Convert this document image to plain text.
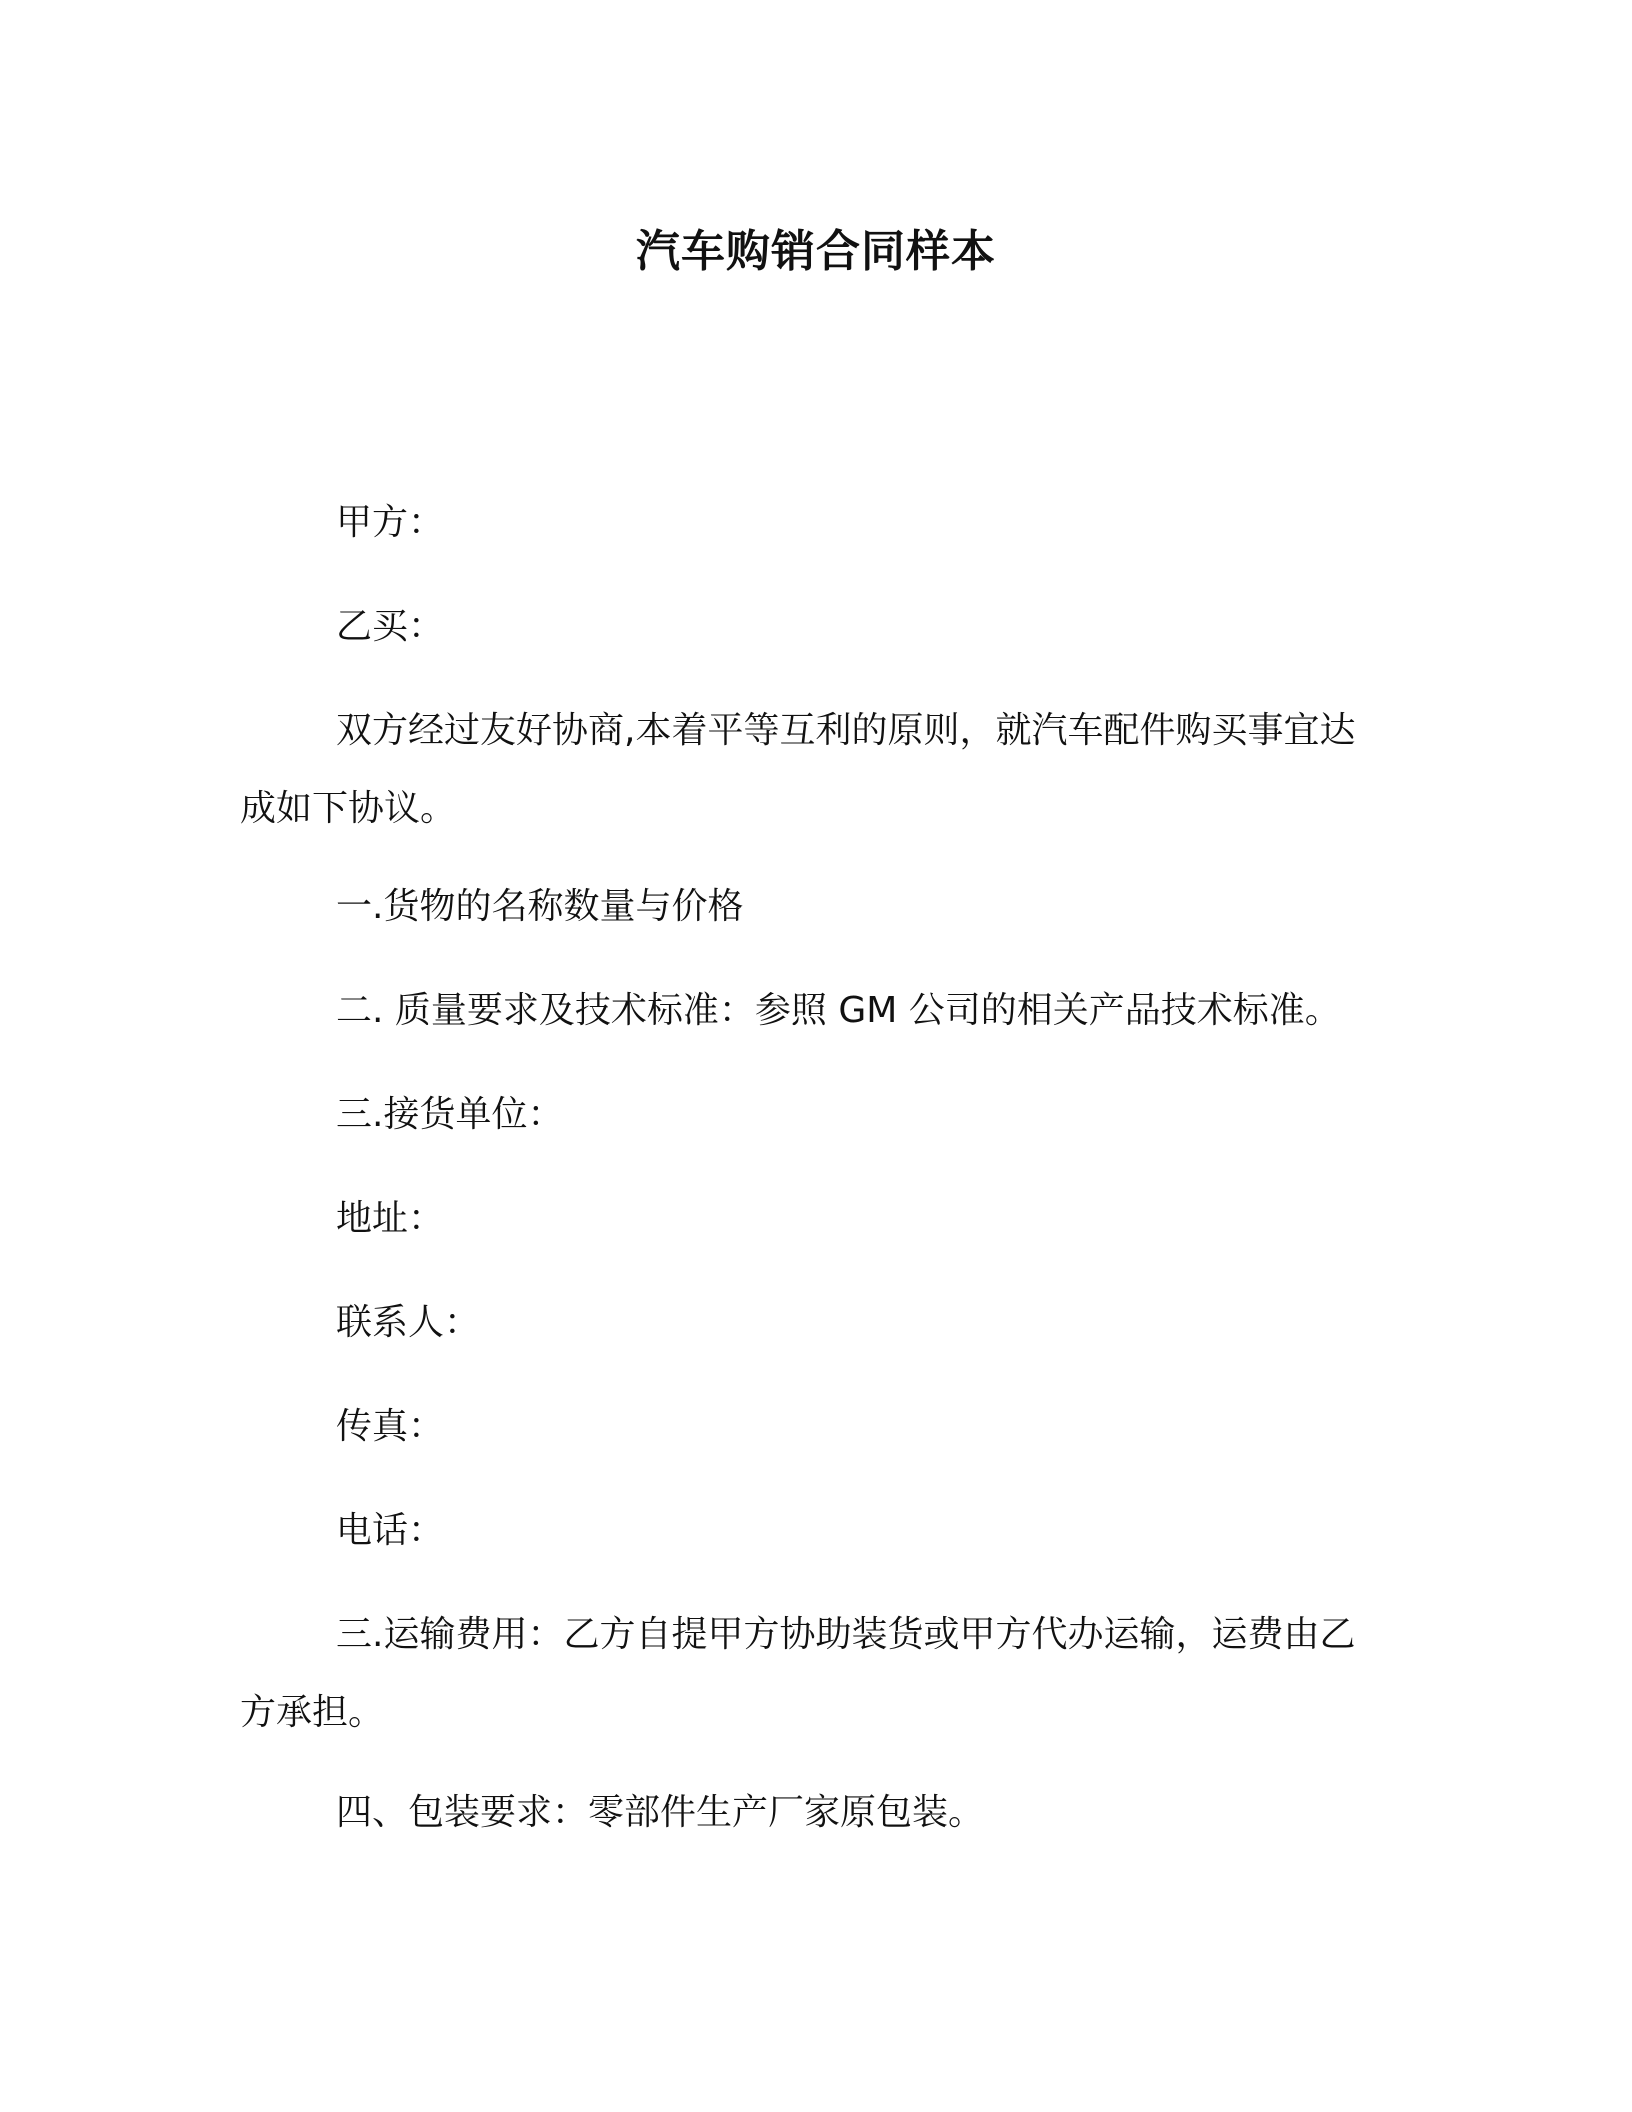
汽车购销合同样本

甲方：

乙买：

双方经过友好协商,本着平等互利的原则，就汽车配件购买事宜达成如下协议。

一.货物的名称数量与价格

二. 质量要求及技术标准：参照 GM 公司的相关产品技术标准。

三.接货单位：

地址：

联系人：

传真：

电话：

三.运输费用：乙方自提甲方协助装货或甲方代办运输，运费由乙方承担。

四、包装要求：零部件生产厂家原包装。
